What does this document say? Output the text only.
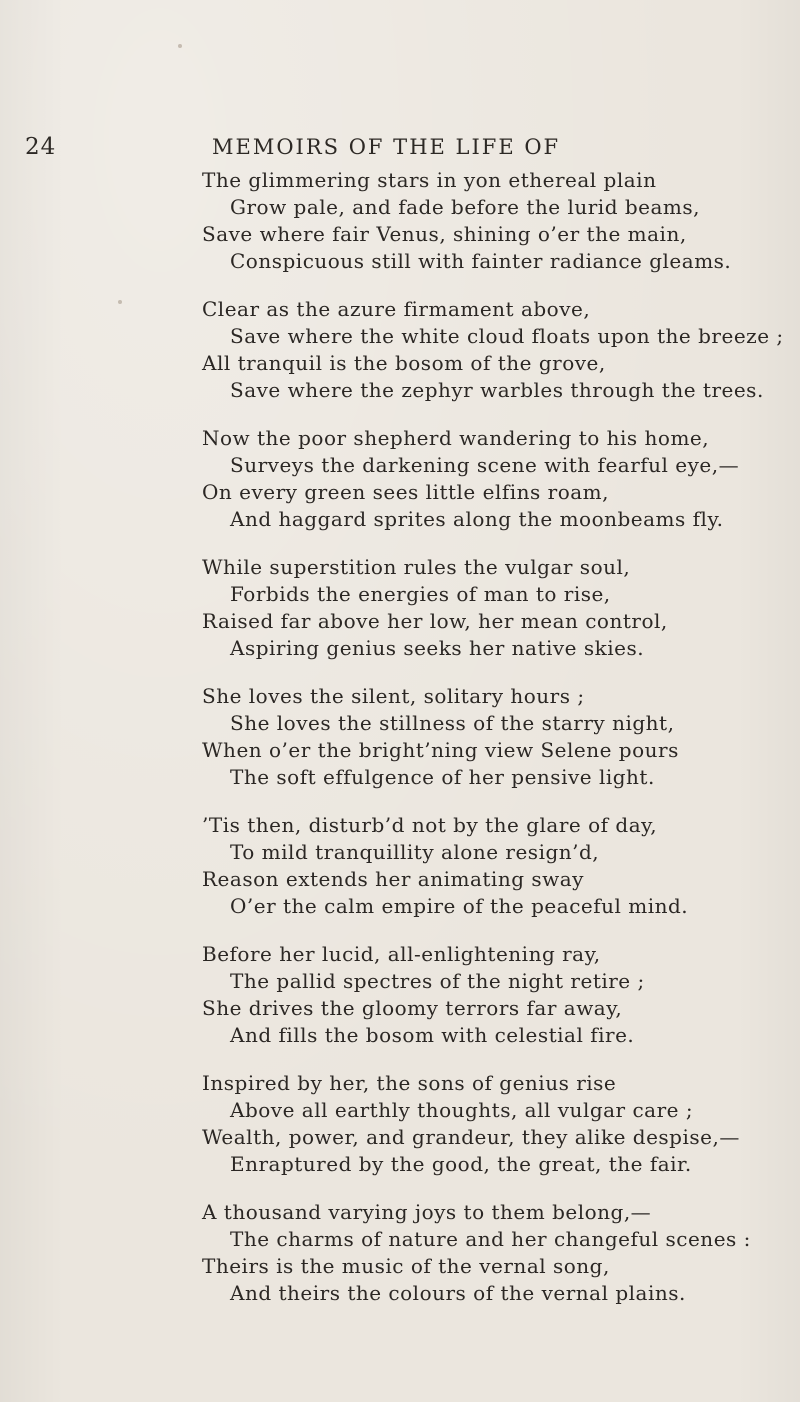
24	MEMOIRS OF THE LIFE OF
The glimmering stars in yon ethereal plain
Grow pale, and fade before the lurid beams,
Save where fair Venus, shining o’er the main,
Conspicuous still with fainter radiance gleams.
Clear as the azure firmament above,
Save where the white cloud floats upon the breeze ;
All tranquil is the bosom of the grove,
Save where the zephyr warbles through the trees.
Now the poor shepherd wandering to his home,
Surveys the darkening scene with fearful eye,—
On every green sees little elfins roam,
And haggard sprites along the moonbeams fly.
While superstition rules the vulgar soul,
Forbids the energies of man to rise,
Raised far above her low, her mean control,
Aspiring genius seeks her native skies.
She loves the silent, solitary hours ;
She loves the stillness of the starry night,
When o’er the bright’ning view Selene pours
The soft effulgence of her pensive light.
’Tis then, disturb’d not by the glare of day,
To mild tranquillity alone resign’d,
Reason extends her animating sway
O’er the calm empire of the peaceful mind.
Before her lucid, all-enlightening ray,
The pallid spectres of the night retire ;
She drives the gloomy terrors far away,
And fills the bosom with celestial fire.
Inspired by her, the sons of genius rise
Above all earthly thoughts, all vulgar care ;
Wealth, power, and grandeur, they alike despise,—
Enraptured by the good, the great, the fair.
A thousand varying joys to them belong,—
The charms of nature and her changeful scenes :
Theirs is the music of the vernal song,
And theirs the colours of the vernal plains.
